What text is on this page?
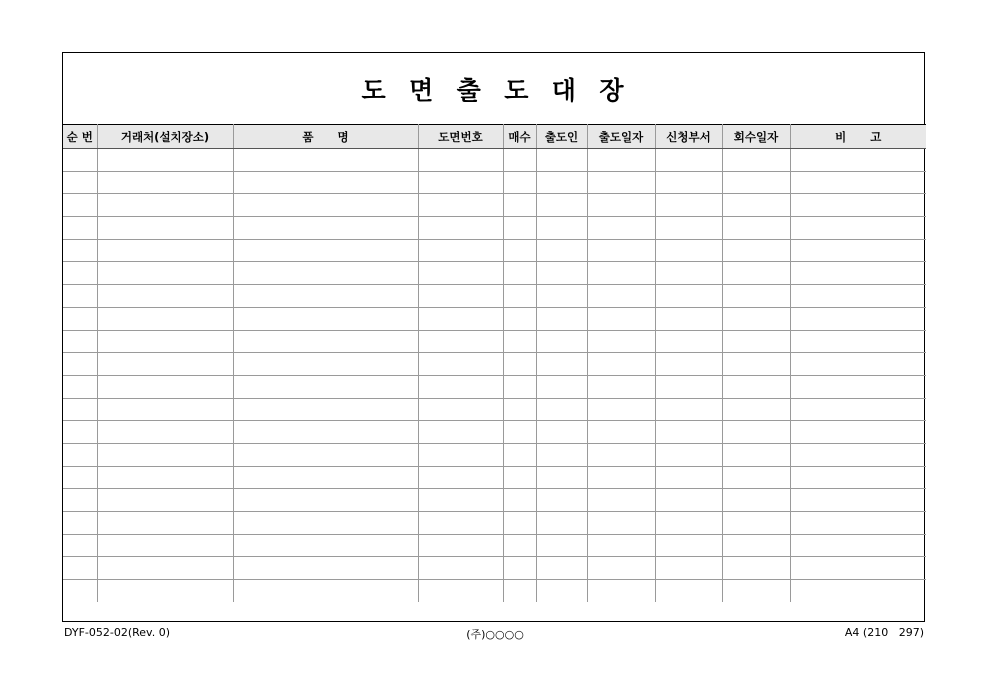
도  면  출  도  대  장
순 번	거래처(설치장소)	품      명	도면번호	매수	출도인	출도일자	신청부서	회수일자	비      고

DYF-052-02(Rev. 0)	(주)○○○○	A4 (210   297)
